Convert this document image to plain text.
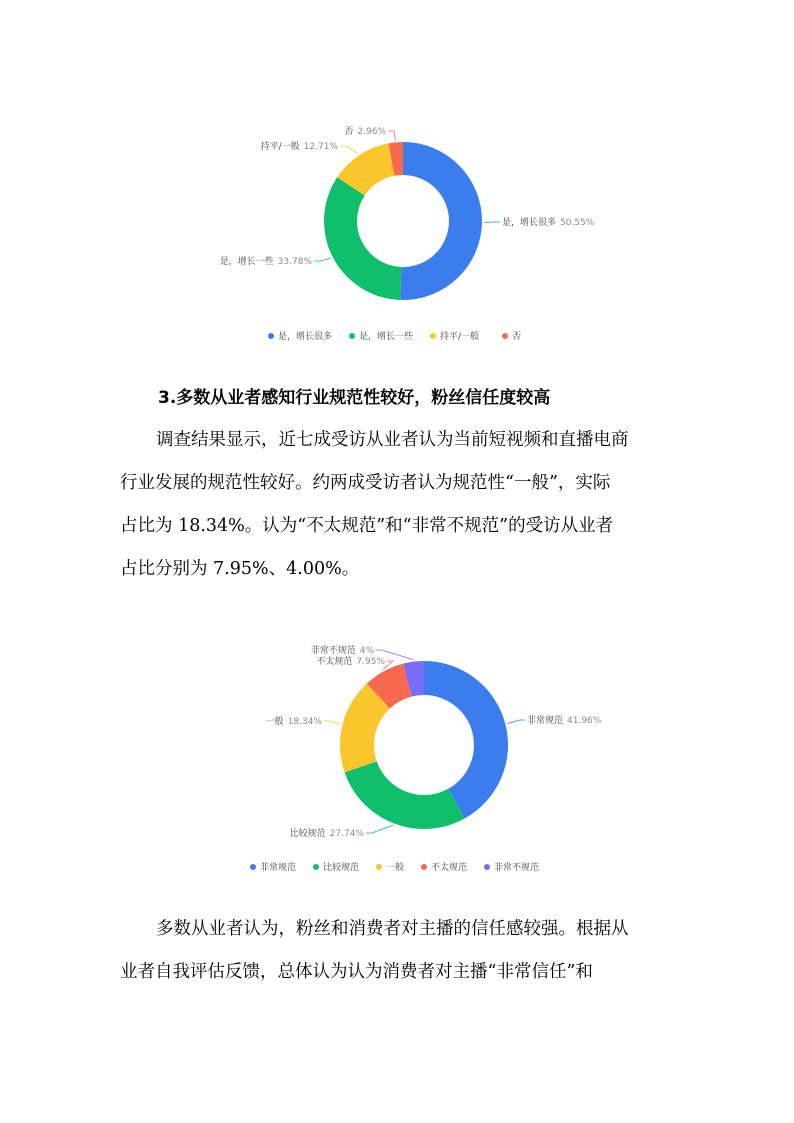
是，增长很多 50.55%
是，增长一些 33.78%
持平/一般 12.71%
否 2.96%
是，增长很多	是，增长一些	持平/一般	否
3.多数从业者感知行业规范性较好，粉丝信任度较高
调查结果显示，近七成受访从业者认为当前短视频和直播电商
行业发展的规范性较好。约两成受访者认为规范性“一般”，实际
占比为 18.34%。认为“不太规范”和“非常不规范”的受访从业者
占比分别为 7.95%、4.00%。
非常规范 41.96%
比较规范 27.74%
一般 18.34%
不太规范 7.95%
非常不规范 4%
非常规范	比较规范	一般	不太规范	非常不规范
多数从业者认为，粉丝和消费者对主播的信任感较强。根据从
业者自我评估反馈，总体认为认为消费者对主播“非常信任”和
